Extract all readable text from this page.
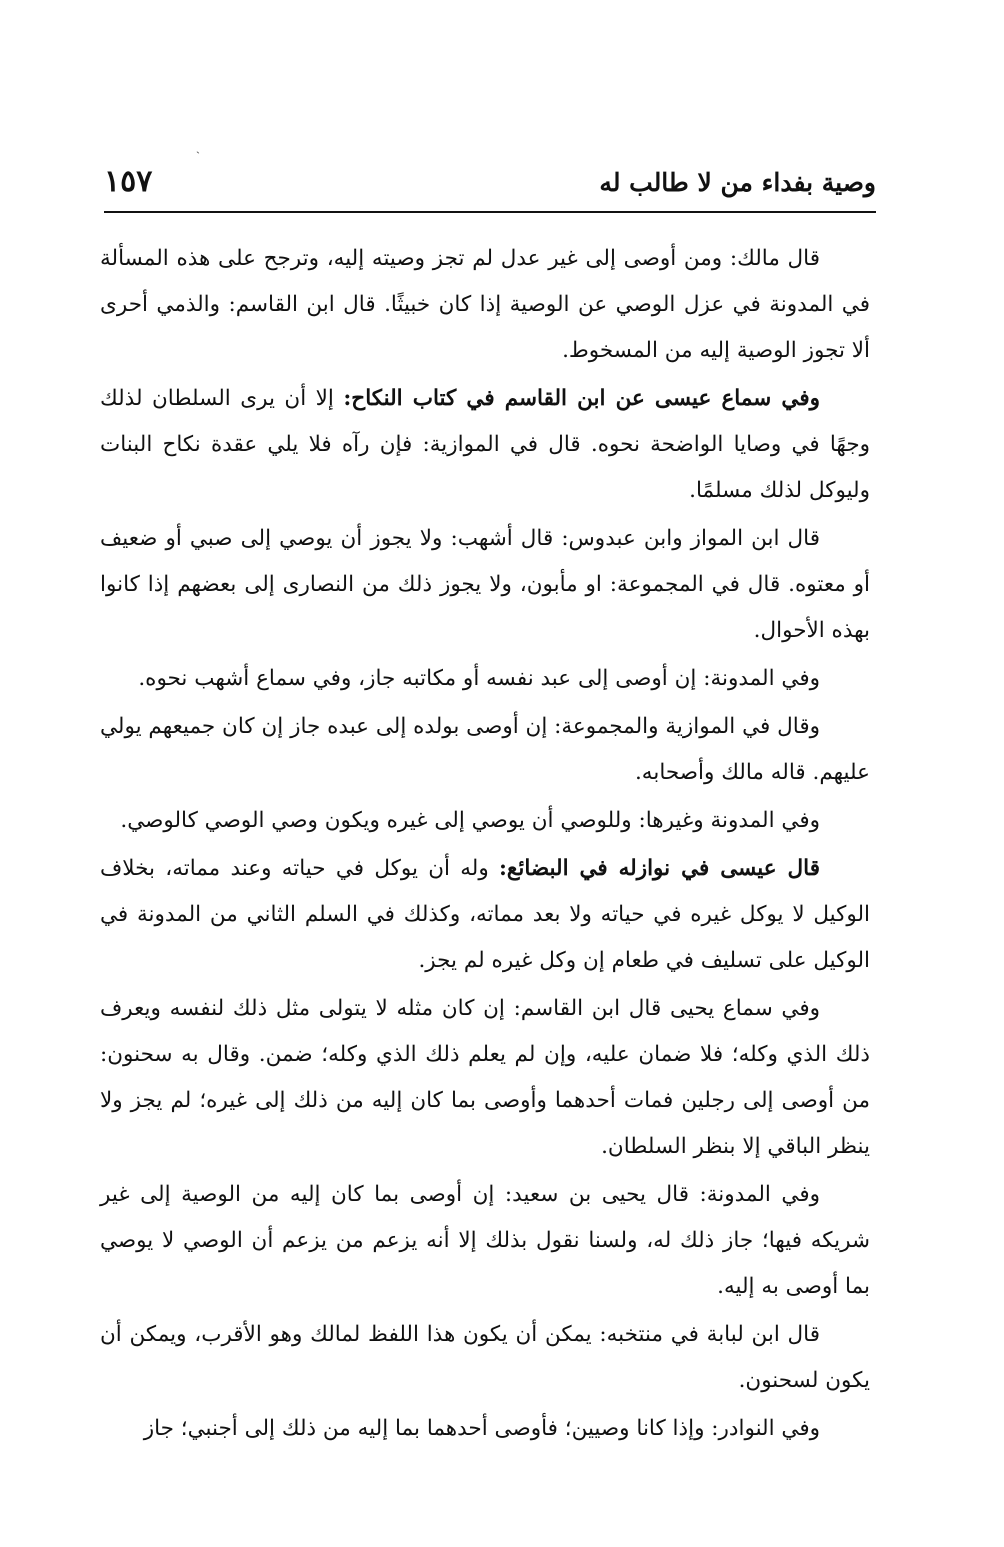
ˏ
وصية بفداء من لا طالب له
١٥٧

قال مالك: ومن أوصى إلى غير عدل لم تجز وصيته إليه، وترجح على هذه المسألة في المدونة في عزل الوصي عن الوصية إذا كان خبيثًا. قال ابن القاسم: والذمي أحرى ألا تجوز الوصية إليه من المسخوط.

وفي سماع عيسى عن ابن القاسم في كتاب النكاح: إلا أن يرى السلطان لذلك وجهًا في وصايا الواضحة نحوه. قال في الموازية: فإن رآه فلا يلي عقدة نكاح البنات وليوكل لذلك مسلمًا.

قال ابن المواز وابن عبدوس: قال أشهب: ولا يجوز أن يوصي إلى صبي أو ضعيف أو معتوه. قال في المجموعة: او مأبون، ولا يجوز ذلك من النصارى إلى بعضهم إذا كانوا بهذه الأحوال.

وفي المدونة: إن أوصى إلى عبد نفسه أو مكاتبه جاز، وفي سماع أشهب نحوه.

وقال في الموازية والمجموعة: إن أوصى بولده إلى عبده جاز إن كان جميعهم يولي عليهم. قاله مالك وأصحابه.

وفي المدونة وغيرها: وللوصي أن يوصي إلى غيره ويكون وصي الوصي كالوصي.

قال عيسى في نوازله في البضائع: وله أن يوكل في حياته وعند مماته، بخلاف الوكيل لا يوكل غيره في حياته ولا بعد مماته، وكذلك في السلم الثاني من المدونة في الوكيل على تسليف في طعام إن وكل غيره لم يجز.

وفي سماع يحيى قال ابن القاسم: إن كان مثله لا يتولى مثل ذلك لنفسه ويعرف ذلك الذي وكله؛ فلا ضمان عليه، وإن لم يعلم ذلك الذي وكله؛ ضمن. وقال به سحنون: من أوصى إلى رجلين فمات أحدهما وأوصى بما كان إليه من ذلك إلى غيره؛ لم يجز ولا ينظر الباقي إلا بنظر السلطان.

وفي المدونة: قال يحيى بن سعيد: إن أوصى بما كان إليه من الوصية إلى غير شريكه فيها؛ جاز ذلك له، ولسنا نقول بذلك إلا أنه يزعم من يزعم أن الوصي لا يوصي بما أوصى به إليه.

قال ابن لبابة في منتخبه: يمكن أن يكون هذا اللفظ لمالك وهو الأقرب، ويمكن أن يكون لسحنون.

وفي النوادر: وإذا كانا وصيين؛ فأوصى أحدهما بما إليه من ذلك إلى أجنبي؛ جاز
